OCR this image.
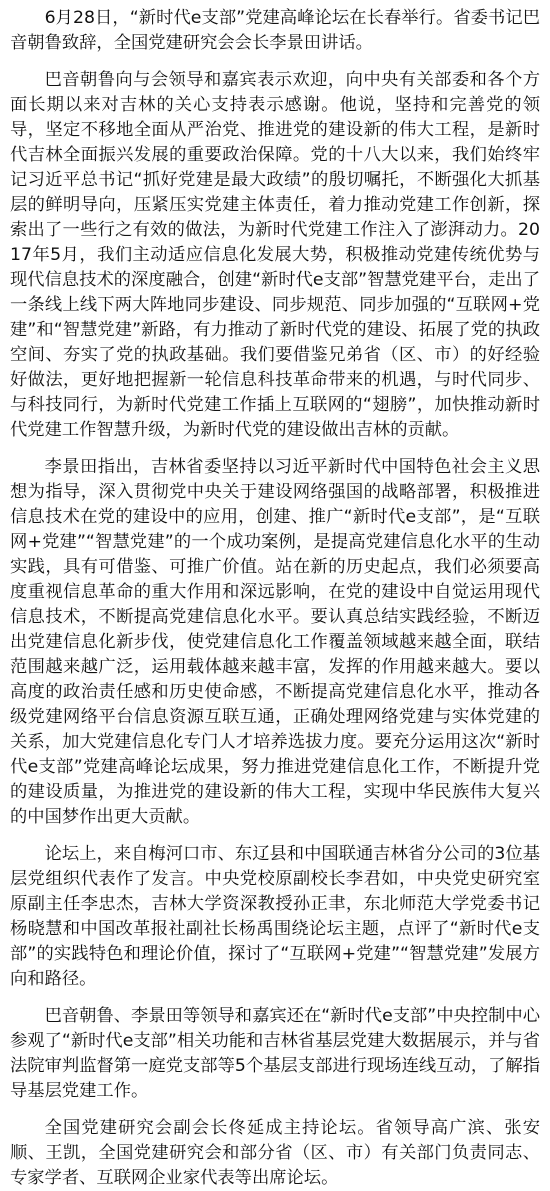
6月28日，“新时代e支部”党建高峰论坛在长春举行。省委书记巴音朝鲁致辞，全国党建研究会会长李景田讲话。

巴音朝鲁向与会领导和嘉宾表示欢迎，向中央有关部委和各个方面长期以来对吉林的关心支持表示感谢。他说，坚持和完善党的领导，坚定不移地全面从严治党、推进党的建设新的伟大工程，是新时代吉林全面振兴发展的重要政治保障。党的十八大以来，我们始终牢记习近平总书记“抓好党建是最大政绩”的殷切嘱托，不断强化大抓基层的鲜明导向，压紧压实党建主体责任，着力推动党建工作创新，探索出了一些行之有效的做法，为新时代党建工作注入了澎湃动力。2017年5月，我们主动适应信息化发展大势，积极推动党建传统优势与现代信息技术的深度融合，创建“新时代e支部”智慧党建平台，走出了一条线上线下两大阵地同步建设、同步规范、同步加强的“互联网+党建”和“智慧党建”新路，有力推动了新时代党的建设、拓展了党的执政空间、夯实了党的执政基础。我们要借鉴兄弟省（区、市）的好经验好做法，更好地把握新一轮信息科技革命带来的机遇，与时代同步、与科技同行，为新时代党建工作插上互联网的“翅膀”，加快推动新时代党建工作智慧升级，为新时代党的建设做出吉林的贡献。

李景田指出，吉林省委坚持以习近平新时代中国特色社会主义思想为指导，深入贯彻党中央关于建设网络强国的战略部署，积极推进信息技术在党的建设中的应用，创建、推广“新时代e支部”，是“互联网+党建”“智慧党建”的一个成功案例，是提高党建信息化水平的生动实践，具有可借鉴、可推广价值。站在新的历史起点，我们必须要高度重视信息革命的重大作用和深远影响，在党的建设中自觉运用现代信息技术，不断提高党建信息化水平。要认真总结实践经验，不断迈出党建信息化新步伐，使党建信息化工作覆盖领域越来越全面，联结范围越来越广泛，运用载体越来越丰富，发挥的作用越来越大。要以高度的政治责任感和历史使命感，不断提高党建信息化水平，推动各级党建网络平台信息资源互联互通，正确处理网络党建与实体党建的关系，加大党建信息化专门人才培养选拔力度。要充分运用这次“新时代e支部”党建高峰论坛成果，努力推进党建信息化工作，不断提升党的建设质量，为推进党的建设新的伟大工程，实现中华民族伟大复兴的中国梦作出更大贡献。

论坛上，来自梅河口市、东辽县和中国联通吉林省分公司的3位基层党组织代表作了发言。中央党校原副校长李君如，中央党史研究室原副主任李忠杰，吉林大学资深教授孙正聿，东北师范大学党委书记杨晓慧和中国改革报社副社长杨禹围绕论坛主题，点评了“新时代e支部”的实践特色和理论价值，探讨了“互联网+党建”“智慧党建”发展方向和路径。

巴音朝鲁、李景田等领导和嘉宾还在“新时代e支部”中央控制中心参观了“新时代e支部”相关功能和吉林省基层党建大数据展示，并与省法院审判监督第一庭党支部等5个基层支部进行现场连线互动，了解指导基层党建工作。

全国党建研究会副会长佟延成主持论坛。省领导高广滨、张安顺、王凯，全国党建研究会和部分省（区、市）有关部门负责同志、专家学者、互联网企业家代表等出席论坛。
